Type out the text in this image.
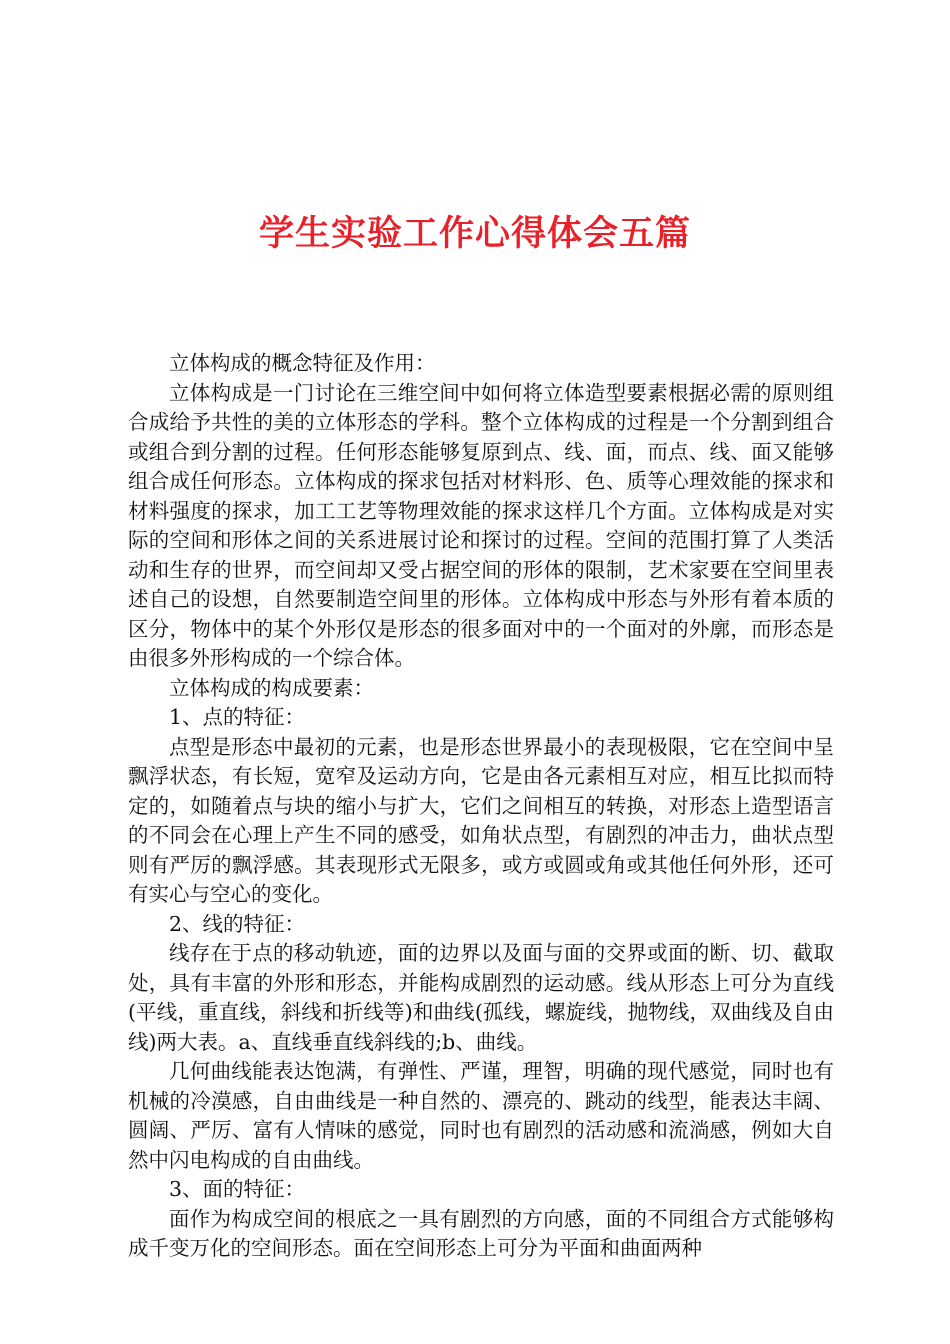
学生实验工作心得体会五篇

立体构成的概念特征及作用：

立体构成是一门讨论在三维空间中如何将立体造型要素根据必需的原则组合成给予共性的美的立体形态的学科。整个立体构成的过程是一个分割到组合或组合到分割的过程。任何形态能够复原到点、线、面，而点、线、面又能够组合成任何形态。立体构成的探求包括对材料形、色、质等心理效能的探求和材料强度的探求，加工工艺等物理效能的探求这样几个方面。立体构成是对实际的空间和形体之间的关系进展讨论和探讨的过程。空间的范围打算了人类活动和生存的世界，而空间却又受占据空间的形体的限制，艺术家要在空间里表述自己的设想，自然要制造空间里的形体。立体构成中形态与外形有着本质的区分，物体中的某个外形仅是形态的很多面对中的一个面对的外廓，而形态是由很多外形构成的一个综合体。

立体构成的构成要素：

1、点的特征：

点型是形态中最初的元素，也是形态世界最小的表现极限，它在空间中呈飘浮状态，有长短，宽窄及运动方向，它是由各元素相互对应，相互比拟而特定的，如随着点与块的缩小与扩大，它们之间相互的转换，对形态上造型语言的不同会在心理上产生不同的感受，如角状点型，有剧烈的冲击力，曲状点型则有严厉的飘浮感。其表现形式无限多，或方或圆或角或其他任何外形，还可有实心与空心的变化。

2、线的特征：

线存在于点的移动轨迹，面的边界以及面与面的交界或面的断、切、截取处，具有丰富的外形和形态，并能构成剧烈的运动感。线从形态上可分为直线(平线，重直线，斜线和折线等)和曲线(孤线，螺旋线，抛物线，双曲线及自由线)两大表。a、直线垂直线斜线的;b、曲线。

几何曲线能表达饱满，有弹性、严谨，理智，明确的现代感觉，同时也有机械的冷漠感，自由曲线是一种自然的、漂亮的、跳动的线型，能表达丰阔、圆阔、严厉、富有人情味的感觉，同时也有剧烈的活动感和流淌感，例如大自然中闪电构成的自由曲线。

3、面的特征：

面作为构成空间的根底之一具有剧烈的方向感，面的不同组合方式能够构成千变万化的空间形态。面在空间形态上可分为平面和曲面两种
